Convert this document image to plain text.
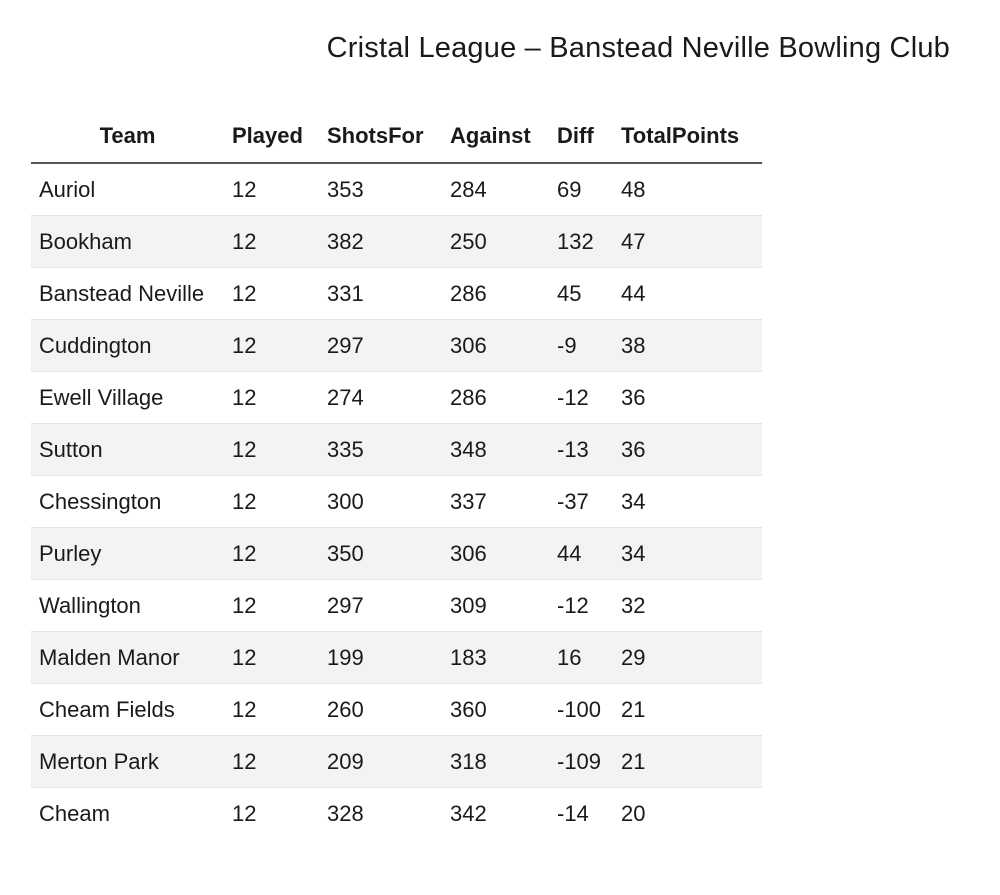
Cristal League – Banstead Neville Bowling Club
Team	Played	ShotsFor	Against	Diff	TotalPoints
Auriol	12	353	284	69	48
Bookham	12	382	250	132	47
Banstead Neville	12	331	286	45	44
Cuddington	12	297	306	-9	38
Ewell Village	12	274	286	-12	36
Sutton	12	335	348	-13	36
Chessington	12	300	337	-37	34
Purley	12	350	306	44	34
Wallington	12	297	309	-12	32
Malden Manor	12	199	183	16	29
Cheam Fields	12	260	360	-100	21
Merton Park	12	209	318	-109	21
Cheam	12	328	342	-14	20
